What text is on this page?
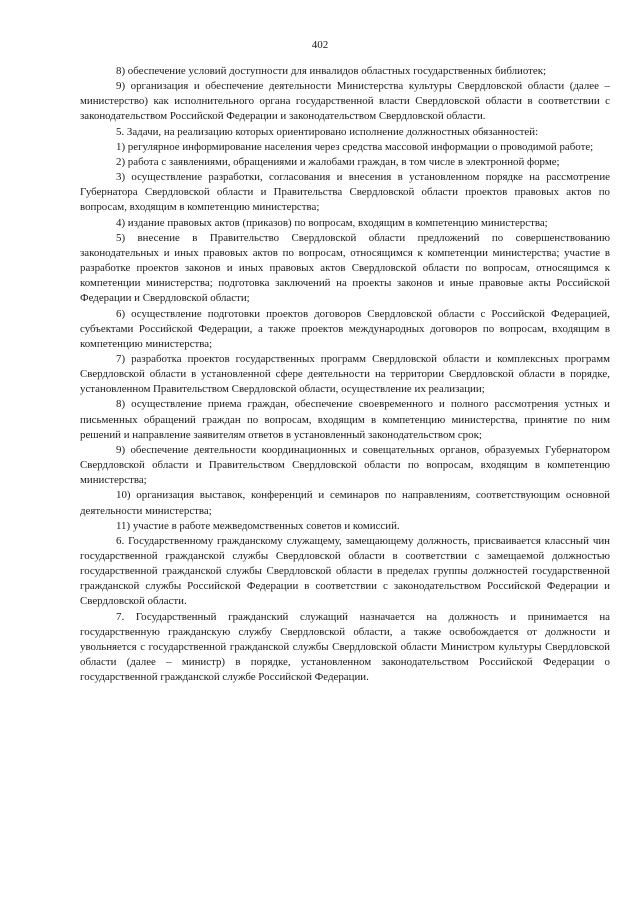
402

8) обеспечение условий доступности для инвалидов областных государственных библиотек;

9) организация и обеспечение деятельности Министерства культуры Свердловской области (далее – министерство) как исполнительного органа государственной власти Свердловской области в соответствии с законодательством Российской Федерации и законодательством Свердловской области.

5. Задачи, на реализацию которых ориентировано исполнение должностных обязанностей:

1) регулярное информирование населения через средства массовой информации о проводимой работе;

2) работа с заявлениями, обращениями и жалобами граждан, в том числе в электронной форме;

3) осуществление разработки, согласования и внесения в установленном порядке на рассмотрение Губернатора Свердловской области и Правительства Свердловской области проектов правовых актов по вопросам, входящим в компетенцию министерства;

4) издание правовых актов (приказов) по вопросам, входящим в компетенцию министерства;

5) внесение в Правительство Свердловской области предложений по совершенствованию законодательных и иных правовых актов по вопросам, относящимся к компетенции министерства; участие в разработке проектов законов и иных правовых актов Свердловской области по вопросам, относящимся к компетенции министерства; подготовка заключений на проекты законов и иные правовые акты Российской Федерации и Свердловской области;

6) осуществление подготовки проектов договоров Свердловской области с Российской Федерацией, субъектами Российской Федерации, а также проектов международных договоров по вопросам, входящим в компетенцию министерства;

7) разработка проектов государственных программ Свердловской области и комплексных программ Свердловской области в установленной сфере деятельности на территории Свердловской области в порядке, установленном Правительством Свердловской области, осуществление их реализации;

8) осуществление приема граждан, обеспечение своевременного и полного рассмотрения устных и письменных обращений граждан по вопросам, входящим в компетенцию министерства, принятие по ним решений и направление заявителям ответов в установленный законодательством срок;

9) обеспечение деятельности координационных и совещательных органов, образуемых Губернатором Свердловской области и Правительством Свердловской области по вопросам, входящим в компетенцию министерства;

10) организация выставок, конференций и семинаров по направлениям, соответствующим основной деятельности министерства;

11) участие в работе межведомственных советов и комиссий.

6. Государственному гражданскому служащему, замещающему должность, присваивается классный чин государственной гражданской службы Свердловской области в соответствии с замещаемой должностью государственной гражданской службы Свердловской области в пределах группы должностей государственной гражданской службы Российской Федерации в соответствии с законодательством Российской Федерации и Свердловской области.

7. Государственный гражданский служащий назначается на должность и принимается на государственную гражданскую службу Свердловской области, а также освобождается от должности и увольняется с государственной гражданской службы Свердловской области Министром культуры Свердловской области (далее – министр) в порядке, установленном законодательством Российской Федерации о государственной гражданской службе Российской Федерации.
